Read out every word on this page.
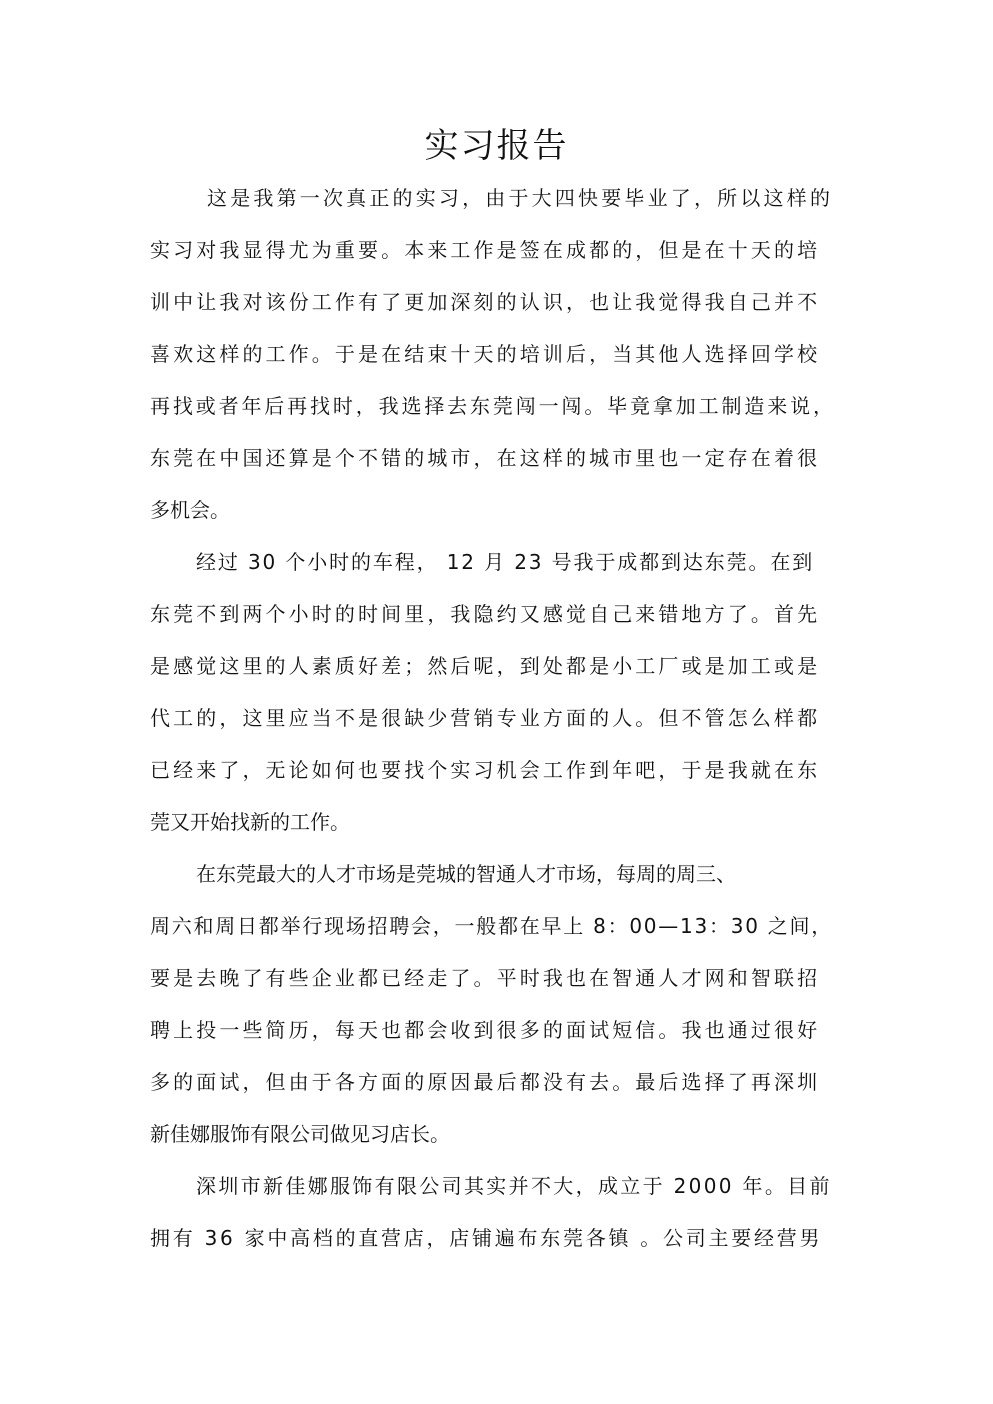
实习报告
这是我第一次真正的实习，由于大四快要毕业了，所以这样的
实习对我显得尤为重要。本来工作是签在成都的，但是在十天的培
训中让我对该份工作有了更加深刻的认识，也让我觉得我自己并不
喜欢这样的工作。于是在结束十天的培训后，当其他人选择回学校
再找或者年后再找时，我选择去东莞闯一闯。毕竟拿加工制造来说，
东莞在中国还算是个不错的城市，在这样的城市里也一定存在着很
多机会。
经过 30 个小时的车程， 12 月 23 号我于成都到达东莞。在到
东莞不到两个小时的时间里，我隐约又感觉自己来错地方了。首先
是感觉这里的人素质好差；然后呢，到处都是小工厂或是加工或是
代工的，这里应当不是很缺少营销专业方面的人。但不管怎么样都
已经来了，无论如何也要找个实习机会工作到年吧，于是我就在东
莞又开始找新的工作。
在东莞最大的人才市场是莞城的智通人才市场，每周的周三、
周六和周日都举行现场招聘会，一般都在早上 8：00—13：30 之间，
要是去晚了有些企业都已经走了。平时我也在智通人才网和智联招
聘上投一些简历，每天也都会收到很多的面试短信。我也通过很好
多的面试，但由于各方面的原因最后都没有去。最后选择了再深圳
新佳娜服饰有限公司做见习店长。
深圳市新佳娜服饰有限公司其实并不大，成立于 2000 年。目前
拥有 36 家中高档的直营店，店铺遍布东莞各镇 。公司主要经营男
